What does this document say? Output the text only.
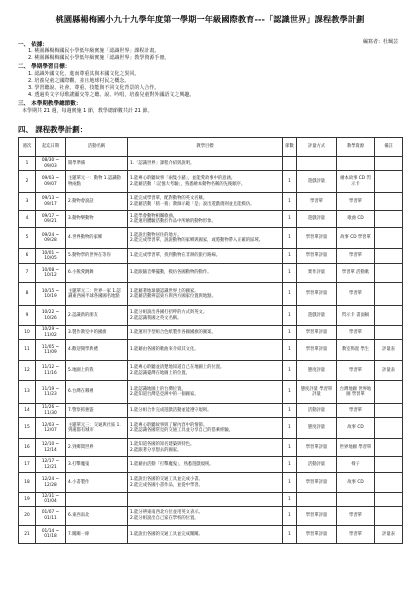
桃園縣楊梅國小九十九學年度第一學期一年級國際教育---「認識世界」課程教學計劃
編寫者：杜珮芸
一、 依據：
1. 桃園縣楊梅國民小學低年級實施「認識世界」課程計畫。
2. 桃園縣楊梅國民小學低年級實施「認識世界」教學資源手冊。
二、 學期學習目標：
1. 認識外國文化，進而尊重其與本國文化之異同。
2. 培養兒童之國際觀，並且地球村民之概念。
3. 學習聽說、社會、尊重、技能與不同文化背景的人合作。
4. 透過英文字母歌謠顯交等之聽、說、吟唱，培養兒童對外國語文之興趣。
三、 本學期教學總節數：
本學期共 21 週，每週實施 1 節，教學總節數共計 21 節。
四、 課程教學計劃：
週次	起迄日期	活動名稱	教學目標	節數	評量方式	教學資源	備註
1	08/30 ~ 09/03	開學準備	1.「認識世界」課程介紹與說明。				

2	09/03 ~ 09/07	主題單元一：動物 1.認識動物兩點	1.能專心聆聽故事「兩隻小豬」，並能愛故事中的意涵。
2.能藉活動「:記憶大考驗」，熟悉繪本動物名稱的先後順序。	1	遊戲評量	繪本故事 CD 閃示卡	
3	09/13 ~ 09/17	2.動物會說話	1.能完成學習單，配對動物的英文名稱。
2.能藉活動「猜一猜」教師示範「是」說出遊戲規則並且能模仿。	1	學習單	學習單	
4	09/17 ~ 09/21	3.動物樂動物	1.能學會動物相關歌曲。
2.能運用體驗活動於作品中所繪的動物形象。	1	遊戲評量	歌曲 CD	
5	09/24 ~ 09/28	4.世界動物的家鄉	1.能說出動物居住的地方。
2.能完成學習單，說說動物的家鄉與國家，或將動物帶入正確的區域。	1	學習單評量	故事 CD 學習單	
6	10/01 ~ 10/05	5.動物學的世界在等你	1.能完成學習單，找到動物在非洲的旅行路線。	1	學習單評量	學習單	
7	10/08 ~ 10/12	6.小熊愛跳舞	1.能跟隨音樂擺動，模仿各國動物的動作。	1	實作評量	學習單 活動歌	
8	10/15 ~ 10/19	主題單元二：世界一家 1.認識東西兩半球各國國名地點	1.能藉著地球儀認識世界上的國家。
2.能藉活動辨認東方與西方國家位置與地點。	1	學習單評量	學習單	
9	10/22 ~ 10/26	2.認識新的朋友	1.能分組說出各國打招呼的方式與英文。
2.能認識我國之英文名稱。	1	遊戲評量	閃示卡 書面稿	
10	10/29 ~ 11/02	3.製作教室中的國旗	1.能運用手型組合色紙製作各國國旗的圖案。	1	學習單評量	學習單	
11	11/05 ~ 11/09	4.歡迎開學典禮	1.能藉由各國的歌曲來介紹其文化。	1	學習單評量	教室佈置 學生	評量表
12	11/12 ~ 11/16	5.地圖上的我	1.能專心聆聽並清楚地知道自己在地圖上的位置。
2.能認識臺灣在地圖上的位置。	1	態度評量	學習單	評量表
13	11/19 ~ 11/23	6.台灣在哪裡	1.能認識地圖上的台灣位置。
2.能知道台灣是亞洲中的一個國家。	1	態度評量 學習單評量	台灣地圖 世界地圖 學習單	
14	11/26 ~ 11/30	7.警察抓強盜	1.能分組合作完成遊戲活動並能遵守規則。	1	活動評量	學習單	
15	12/03 ~ 12/07	主題單元三：交通與社區 1.到處都有城市	1.能專心聆聽故事與了解內容中的情節。
2.能認識各國常見的交通工具並分享自己的搭乘經驗。	1	態度評量	故事 CD	
16	12/10 ~ 12/14	2.到鄉間世界	1.能知道各國的知名建築與特色。
2.能跟著分享想去的國家。	1	學習單評量	世界地圖 學習單	
17	12/17 ~ 12/21	3.打擊魔鬼	1.能藉由活動「打擊魔鬼」，熟悉遊戲規則。	1	活動評量	椅子	
18	12/24 ~ 12/28	4.小書製作	1.能說出各國的交通工具並完成小書。
2.能完成各國小書作品，並從中學習。	1	學習單評量	故事 CD	
19	12/31 ~ 01/04			1			
20	01/07 ~ 01/11	6.東西南北	1.能分辨東南西北方位並用英文表示。
2.能分組說出自己家在學校的位置。	1	學習單評量	學習單	
21	01/14 ~ 01/18	7.闖關一條	1.能說出各國的交通工具並完成闖關。	1	學習單評量	學習單	評量表
